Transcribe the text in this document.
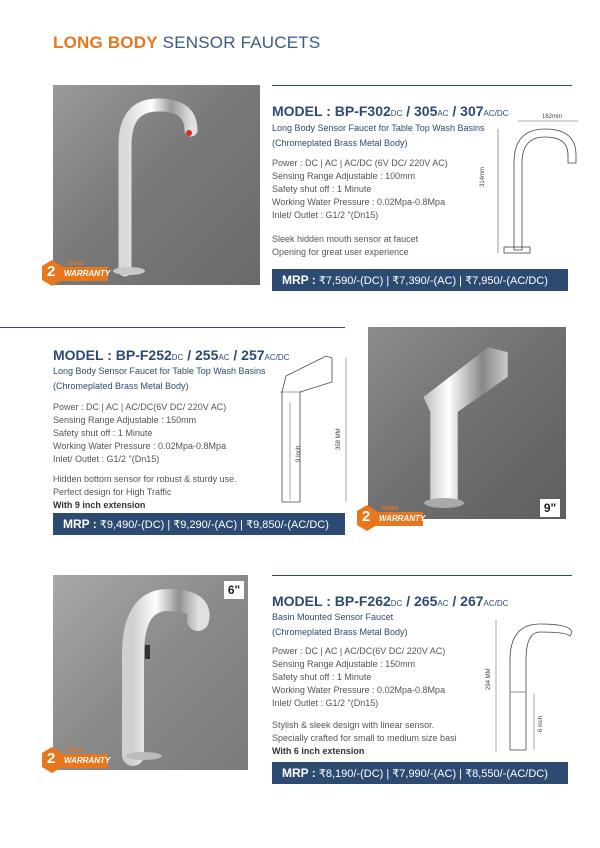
LONG BODY SENSOR FAUCETS
2 YEARS
WARRANTY
MODEL : BP-F302DC / 305AC / 307AC/DC
Long Body Sensor Faucet for Table Top Wash Basins
(Chromeplated Brass Metal Body)
Power : DC | AC | AC/DC (6V DC/ 220V AC)
Sensing Range Adjustable : 100mm
Safety shut off : 1 Minute
Working Water Pressure : 0.02Mpa-0.8Mpa
Inlet/ Outlet : G1/2 "(Dn15)
Sleek hidden mouth sensor at faucet
Opening for great user experience
MRP : ₹7,590/-(DC) | ₹7,390/-(AC) | ₹7,950/-(AC/DC)
162mm
314mm
MODEL : BP-F252DC / 255AC / 257AC/DC
Long Body Sensor Faucet for Table Top Wash Basins
(Chromeplated Brass Metal Body)
Power : DC | AC | AC/DC(6V DC/ 220V AC)
Sensing Range Adjustable : 150mm
Safety shut off : 1 Minute
Working Water Pressure : 0.02Mpa-0.8Mpa
Inlet/ Outlet : G1/2 "(Dn15)
Hidden bottom sensor for robust & sturdy use.
Perfect design for High Traffic
With 9 inch extension
MRP : ₹9,490/-(DC) | ₹9,290/-(AC) | ₹9,850/-(AC/DC)
9 Inch
358 MM
9"
2 YEARS
WARRANTY
6"
2 YEARS
WARRANTY
MODEL : BP-F262DC / 265AC / 267AC/DC
Basin Mounted Sensor Faucet
(Chromeplated Brass Metal Body)
Power : DC | AC | AC/DC(6V DC/ 220V AC)
Sensing Range Adjustable : 150mm
Safety shut off : 1 Minute
Working Water Pressure : 0.02Mpa-0.8Mpa
Inlet/ Outlet : G1/2 "(Dn15)
Stylish & sleek design with linear sensor.
Specially crafted for small to medium size basi
With 6 inch extension
MRP : ₹8,190/-(DC) | ₹7,990/-(AC) | ₹8,550/-(AC/DC)
294 MM
6 inch
